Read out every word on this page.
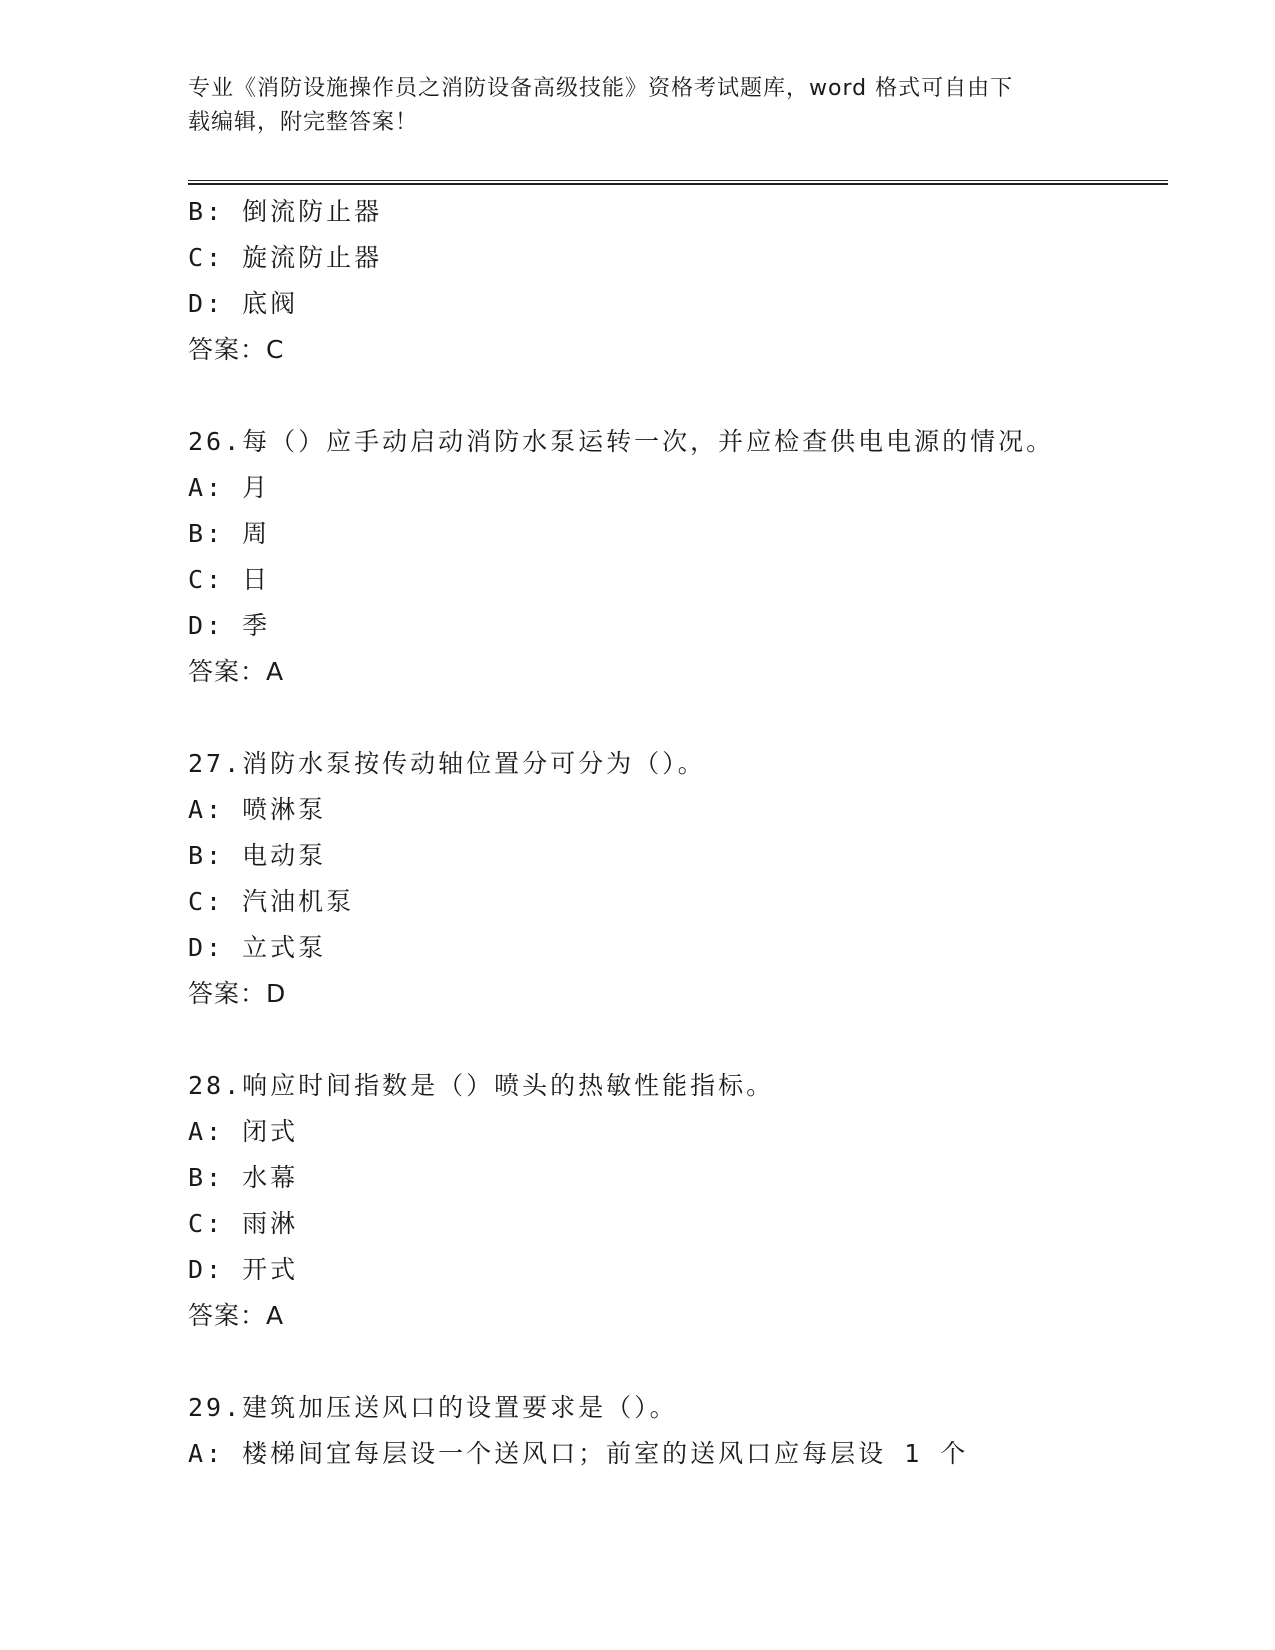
专业《消防设施操作员之消防设备高级技能》资格考试题库，word 格式可自由下
载编辑，附完整答案！
B: 倒流防止器
C: 旋流防止器
D: 底阀
答案：C
26.每（）应手动启动消防水泵运转一次，并应检查供电电源的情况。
A: 月
B: 周
C: 日
D: 季
答案：A
27.消防水泵按传动轴位置分可分为（）。
A: 喷淋泵
B: 电动泵
C: 汽油机泵
D: 立式泵
答案：D
28.响应时间指数是（）喷头的热敏性能指标。
A: 闭式
B: 水幕
C: 雨淋
D: 开式
答案：A
29.建筑加压送风口的设置要求是（）。
A: 楼梯间宜每层设一个送风口；前室的送风口应每层设 1 个
